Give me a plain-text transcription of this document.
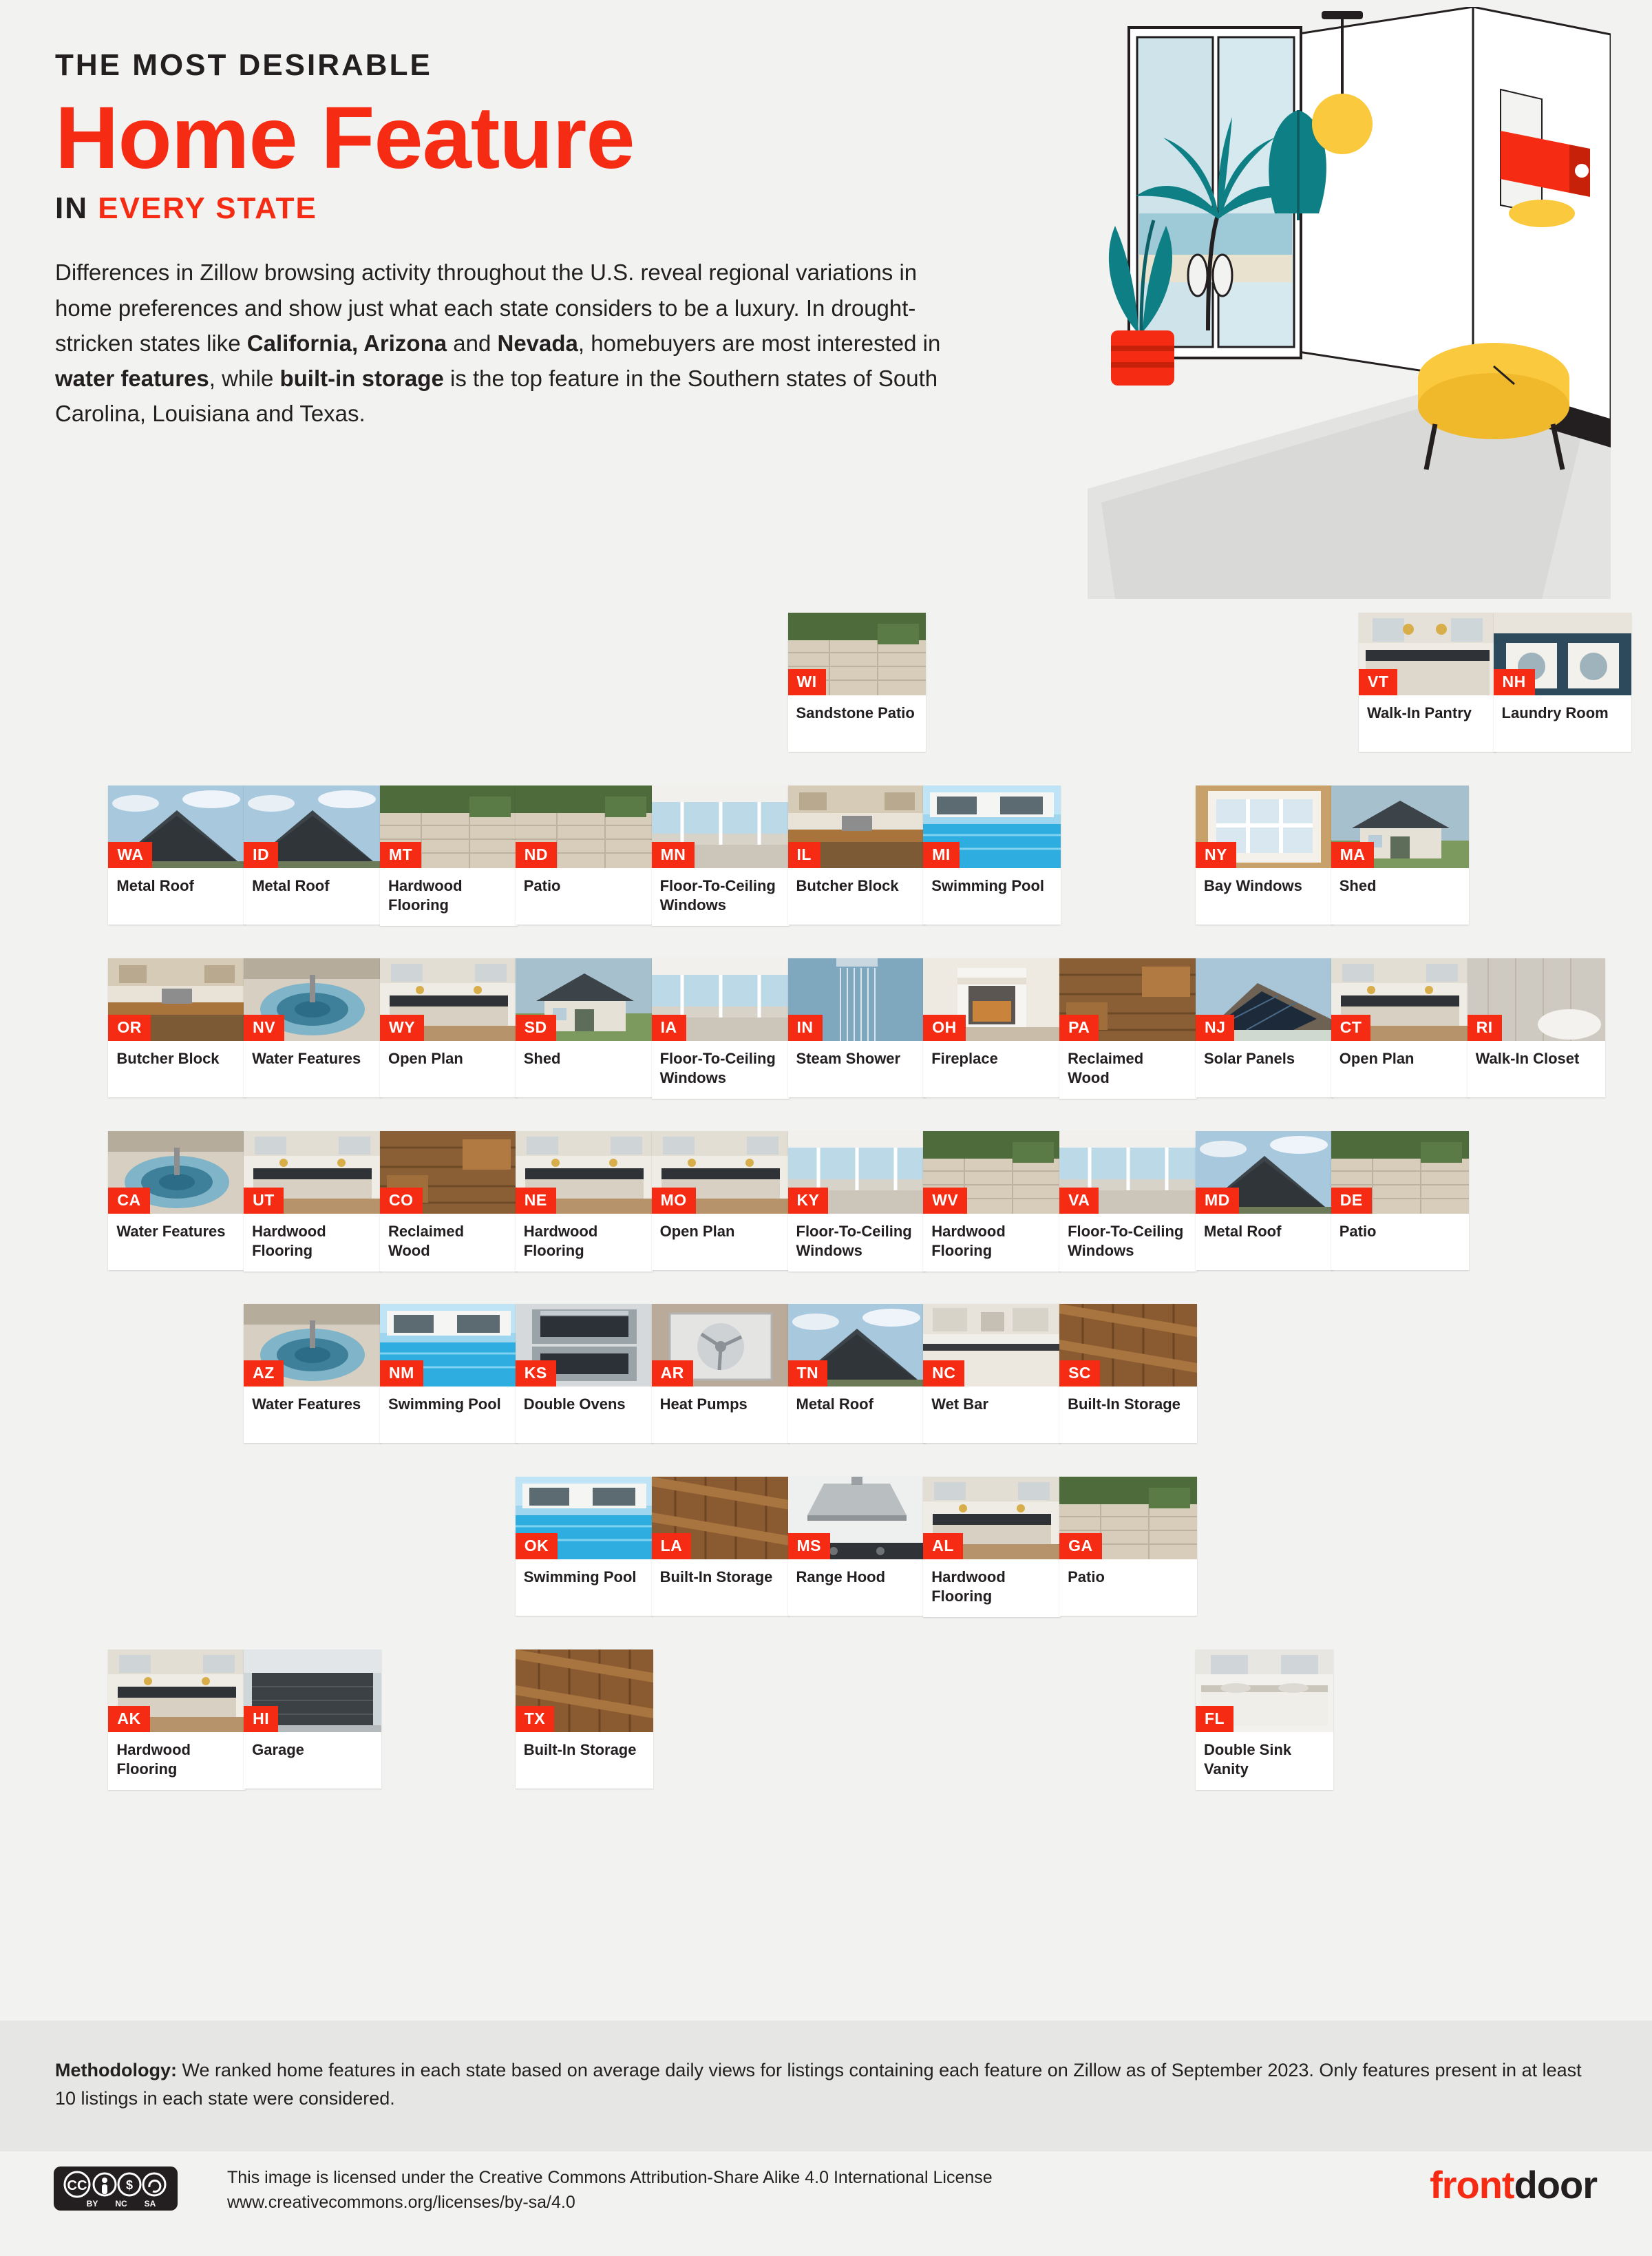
THE MOST DESIRABLE
Home Feature
IN EVERY STATE

Differences in Zillow browsing activity throughout the U.S. reveal regional variations in home preferences and show just what each state considers to be a luxury. In drought-stricken states like California, Arizona and Nevada, homebuyers are most interested in water features, while built-in storage is the top feature in the Southern states of South Carolina, Louisiana and Texas.

WI
Sandstone Patio
VT
Walk-In Pantry
NH
Laundry Room
WA
Metal Roof
ID
Metal Roof
MT
Hardwood Flooring
ND
Patio
MN
Floor-To-Ceiling Windows
IL
Butcher Block
MI
Swimming Pool
NY
Bay Windows
MA
Shed
OR
Butcher Block
NV
Water Features
WY
Open Plan
SD
Shed
IA
Floor-To-Ceiling Windows
IN
Steam Shower
OH
Fireplace
PA
Reclaimed Wood
NJ
Solar Panels
CT
Open Plan
RI
Walk-In Closet
CA
Water Features
UT
Hardwood Flooring
CO
Reclaimed Wood
NE
Hardwood Flooring
MO
Open Plan
KY
Floor-To-Ceiling Windows
WV
Hardwood Flooring
VA
Floor-To-Ceiling Windows
MD
Metal Roof
DE
Patio
AZ
Water Features
NM
Swimming Pool
KS
Double Ovens
AR
Heat Pumps
TN
Metal Roof
NC
Wet Bar
SC
Built-In Storage
OK
Swimming Pool
LA
Built-In Storage
MS
Range Hood
AL
Hardwood Flooring
GA
Patio
AK
Hardwood Flooring
HI
Garage
TX
Built-In Storage
FL
Double Sink Vanity
Methodology: We ranked home features in each state based on average daily views for listings containing each feature on Zillow as of September 2023. Only features present in at least 10 listings in each state were considered.
CC	$
BY NC SA
This image is licensed under the Creative Commons Attribution-Share Alike 4.0 International License
www.creativecommons.org/licenses/by-sa/4.0	frontdoor
